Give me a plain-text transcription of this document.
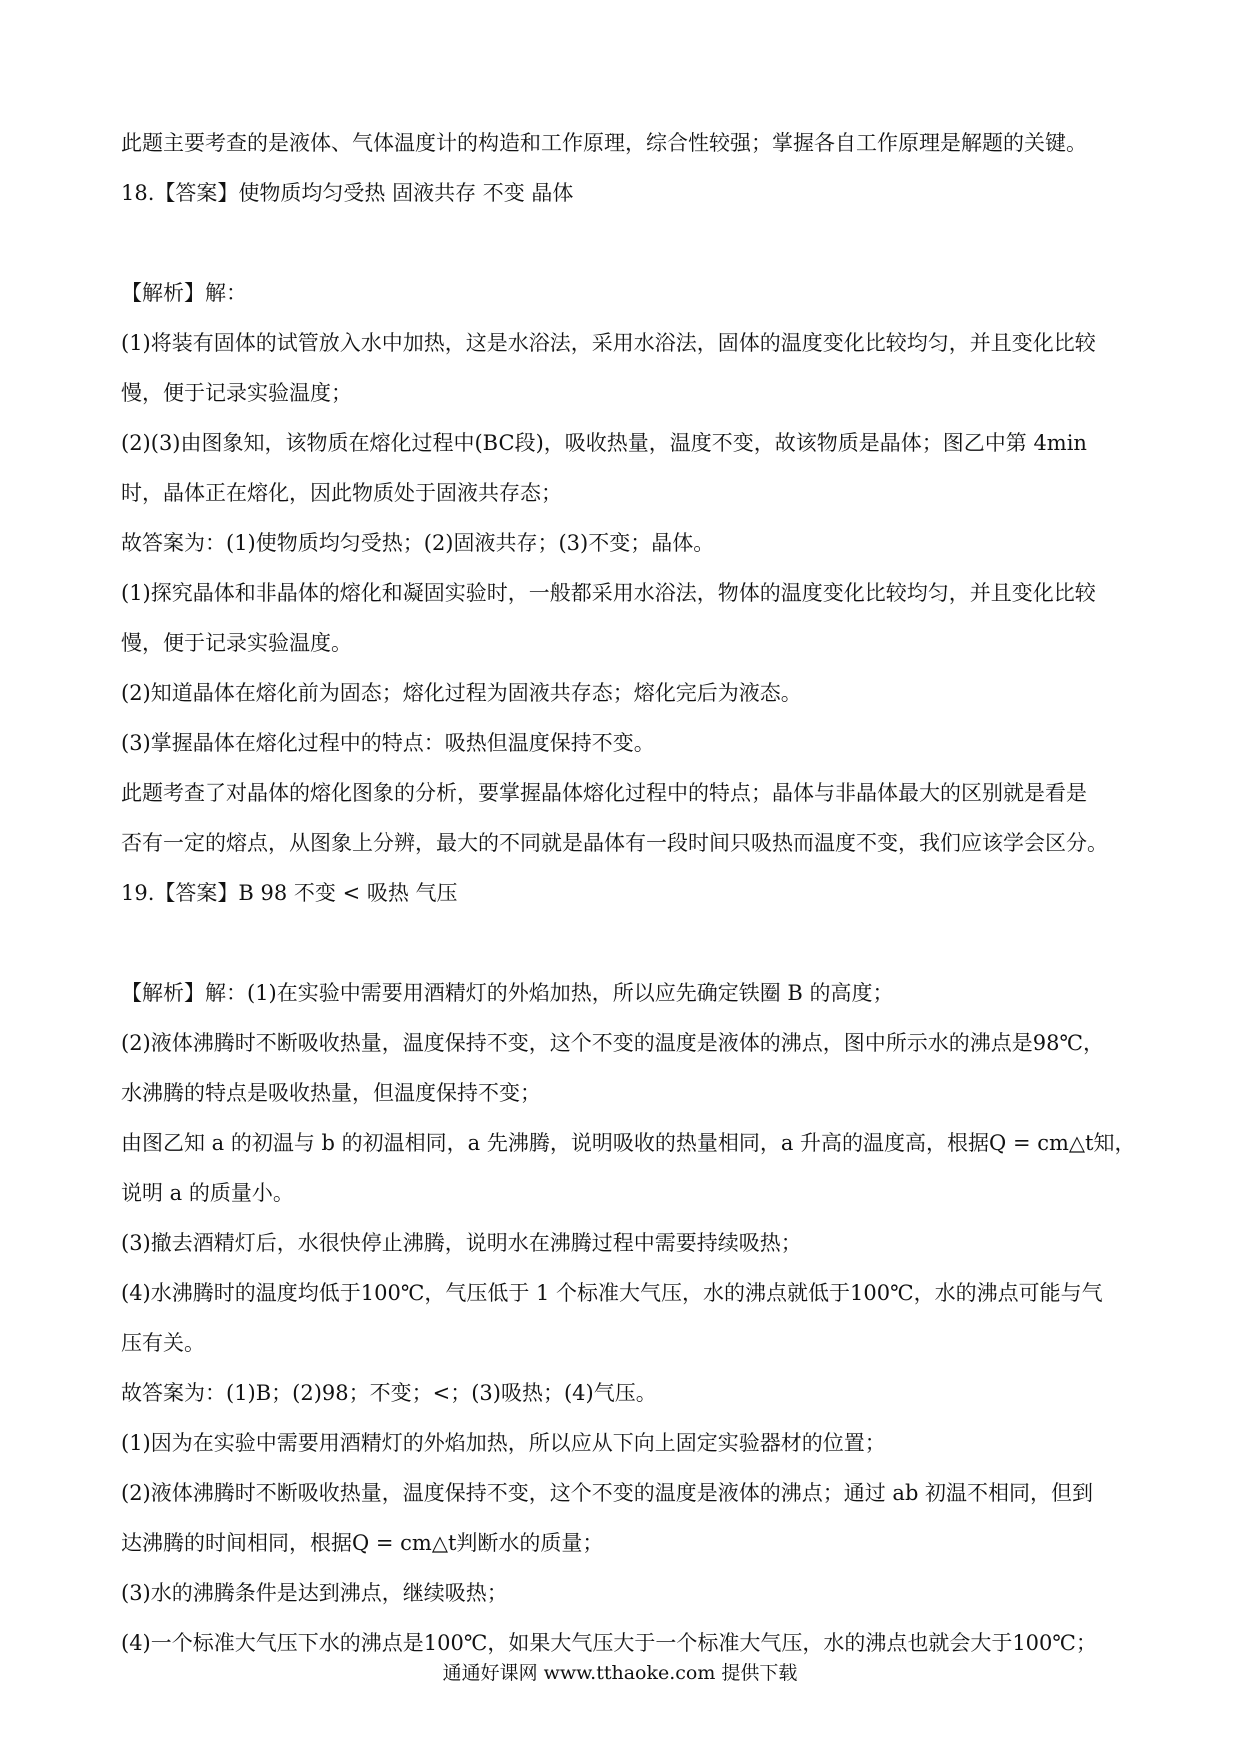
此题主要考查的是液体、气体温度计的构造和工作原理，综合性较强；掌握各自工作原理是解题的关键。
18.【答案】使物质均匀受热 固液共存 不变 晶体
【解析】解：
(1)将装有固体的试管放入水中加热，这是水浴法，采用水浴法，固体的温度变化比较均匀，并且变化比较
慢，便于记录实验温度；
(2)(3)由图象知，该物质在熔化过程中(BC段)，吸收热量，温度不变，故该物质是晶体；图乙中第 4min
时，晶体正在熔化，因此物质处于固液共存态；
故答案为：(1)使物质均匀受热；(2)固液共存；(3)不变；晶体。
(1)探究晶体和非晶体的熔化和凝固实验时，一般都采用水浴法，物体的温度变化比较均匀，并且变化比较
慢，便于记录实验温度。
(2)知道晶体在熔化前为固态；熔化过程为固液共存态；熔化完后为液态。
(3)掌握晶体在熔化过程中的特点：吸热但温度保持不变。
此题考查了对晶体的熔化图象的分析，要掌握晶体熔化过程中的特点；晶体与非晶体最大的区别就是看是
否有一定的熔点，从图象上分辨，最大的不同就是晶体有一段时间只吸热而温度不变，我们应该学会区分。
19.【答案】B 98 不变 < 吸热 气压
【解析】解：(1)在实验中需要用酒精灯的外焰加热，所以应先确定铁圈 B 的高度；
(2)液体沸腾时不断吸收热量，温度保持不变，这个不变的温度是液体的沸点，图中所示水的沸点是98℃，
水沸腾的特点是吸收热量，但温度保持不变；
由图乙知 a 的初温与 b 的初温相同，a 先沸腾，说明吸收的热量相同，a 升高的温度高，根据Q = cm△t知，
说明 a 的质量小。
(3)撤去酒精灯后，水很快停止沸腾，说明水在沸腾过程中需要持续吸热；
(4)水沸腾时的温度均低于100℃，气压低于 1 个标准大气压，水的沸点就低于100℃，水的沸点可能与气
压有关。
故答案为：(1)B；(2)98；不变；<；(3)吸热；(4)气压。
(1)因为在实验中需要用酒精灯的外焰加热，所以应从下向上固定实验器材的位置；
(2)液体沸腾时不断吸收热量，温度保持不变，这个不变的温度是液体的沸点；通过 ab 初温不相同，但到
达沸腾的时间相同，根据Q = cm△t判断水的质量；
(3)水的沸腾条件是达到沸点，继续吸热；
(4)一个标准大气压下水的沸点是100℃，如果大气压大于一个标准大气压，水的沸点也就会大于100℃；
通通好课网 www.tthaoke.com 提供下载
